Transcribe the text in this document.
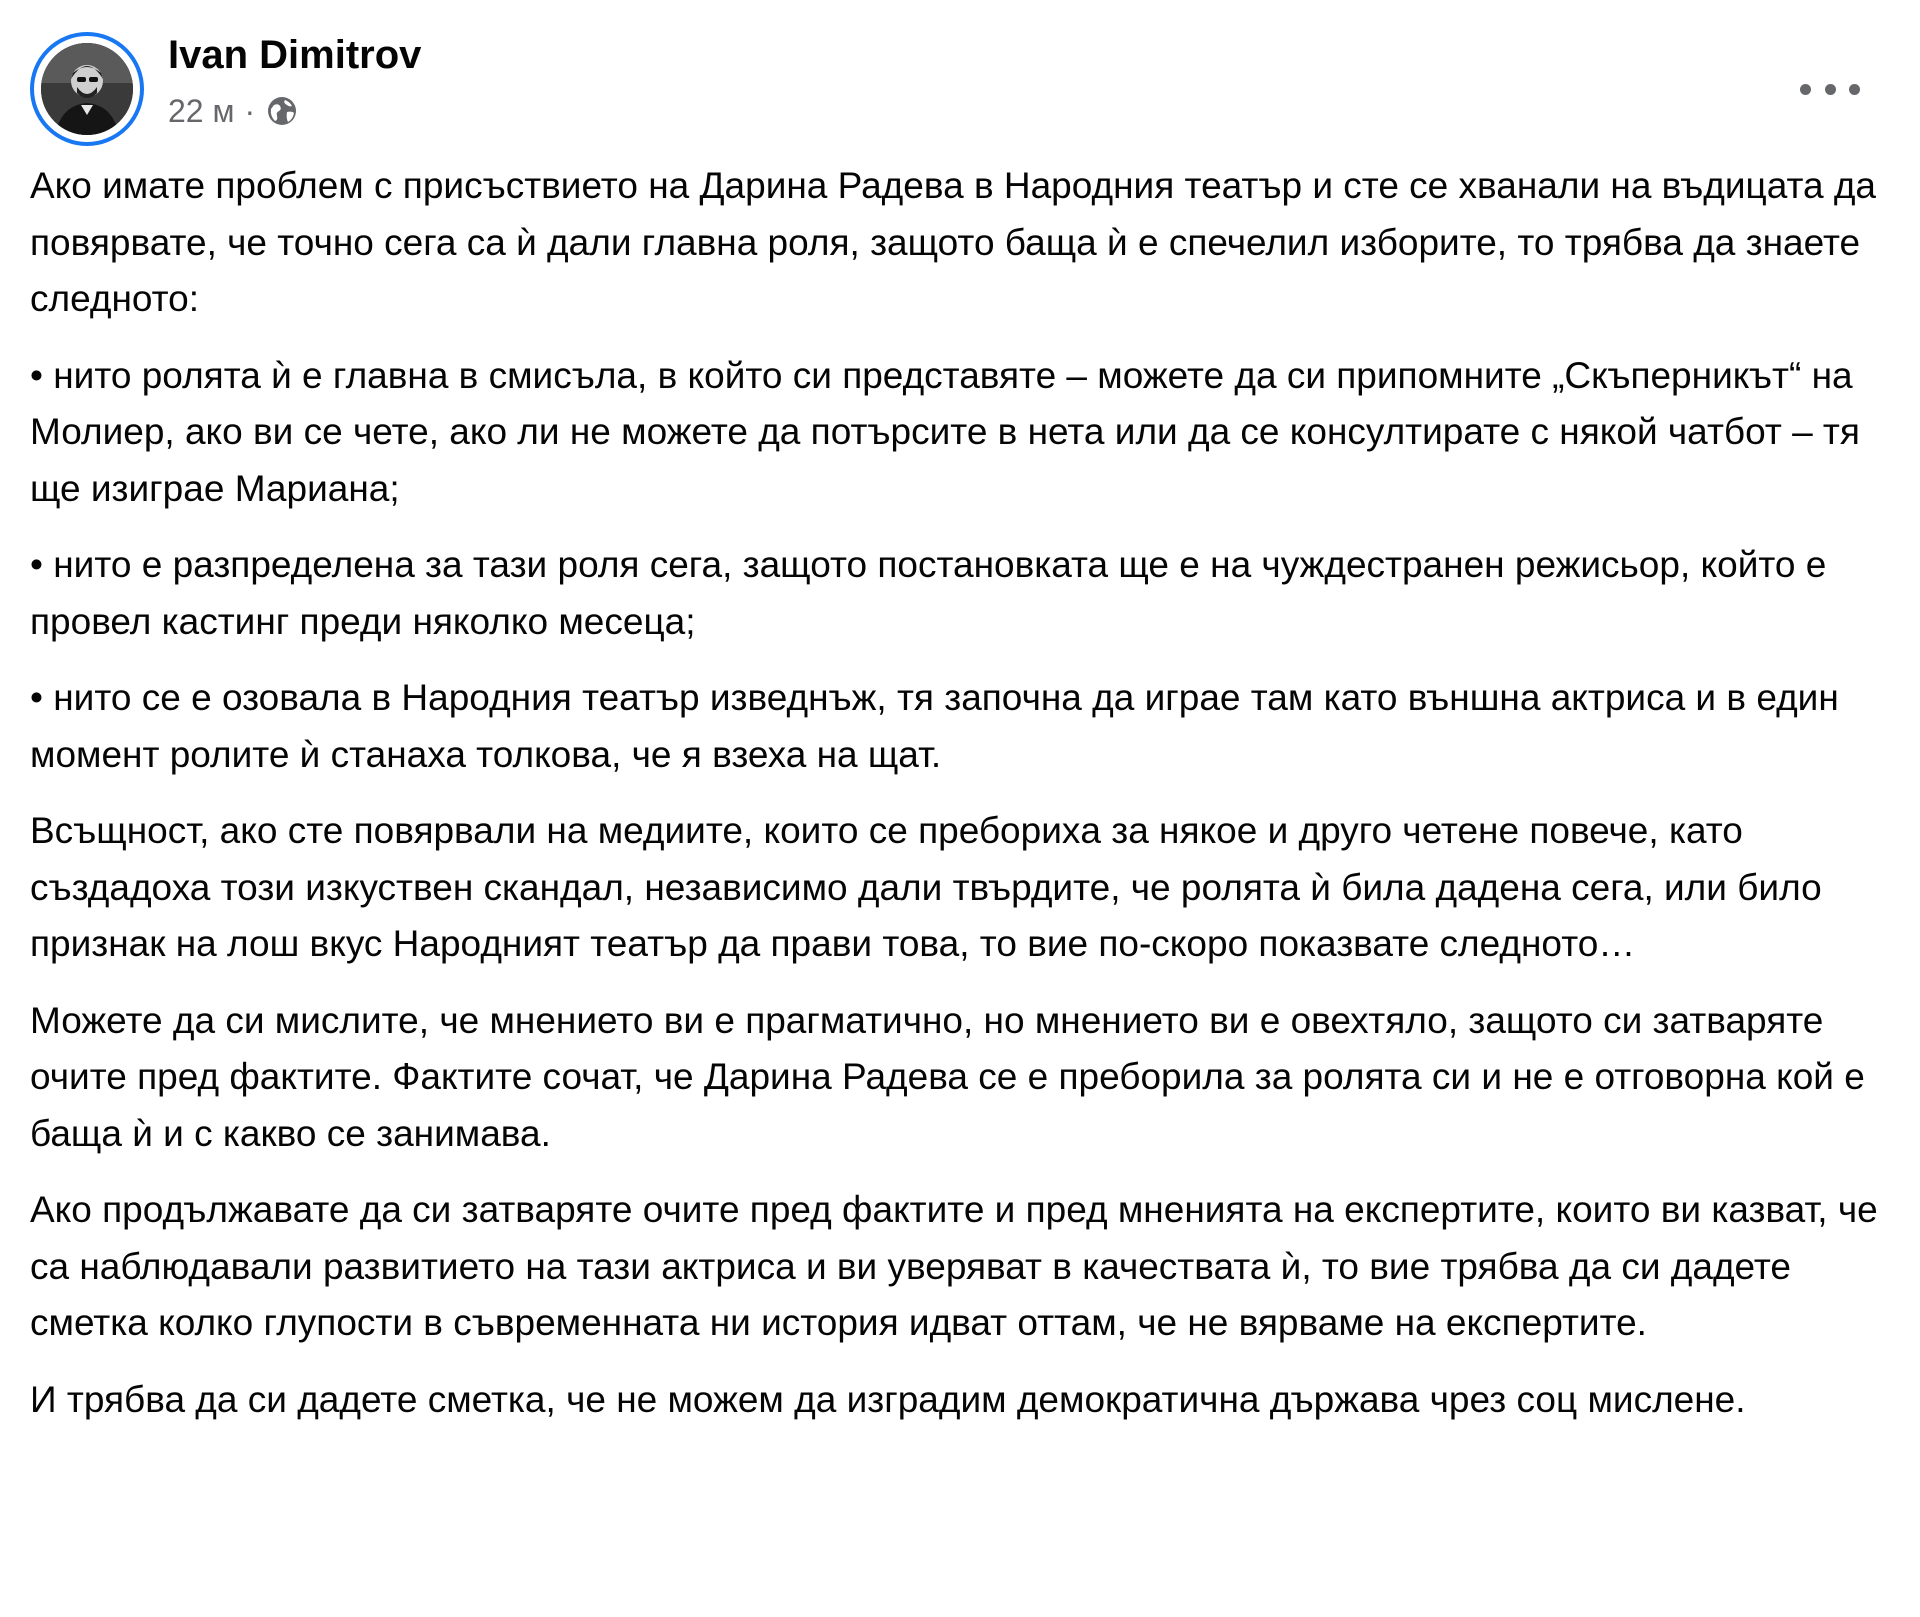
Ivan Dimitrov
22 м ·

Ако имате проблем с присъствието на Дарина Радева в Народния театър и сте се хванали на въдицата да повярвате, че точно сега са ѝ дали главна роля, защото баща ѝ е спечелил изборите, то трябва да знаете следното:

• нито ролята ѝ е главна в смисъла, в който си представяте – можете да си припомните „Скъперникът“ на Молиер, ако ви се чете, ако ли не можете да потърсите в нета или да се консултирате с някой чатбот – тя ще изиграе Мариана;

• нито е разпределена за тази роля сега, защото постановката ще е на чуждестранен режисьор, който е провел кастинг преди няколко месеца;

• нито се е озовала в Народния театър изведнъж, тя започна да играе там като външна актриса и в един момент ролите ѝ станаха толкова, че я взеха на щат.

Всъщност, ако сте повярвали на медиите, които се преборихa за някое и друго четене повече, като създадоха този изкуствен скандал, независимо дали твърдите, че ролята ѝ била дадена сега, или било признак на лош вкус Народният театър да прави това, то вие по-скоро показвате следното…

Можете да си мислите, че мнението ви е прагматично, но мнението ви е овехтяло, защото си затваряте очите пред фактите. Фактите сочат, че Дарина Радева се е преборила за ролята си и не е отговорна кой е баща ѝ и с какво се занимава.

Ако продължавате да си затваряте очите пред фактите и пред мненията на експертите, които ви казват, че са наблюдавали развитието на тази актриса и ви уверяват в качествата ѝ, то вие трябва да си дадете сметка колко глупости в съвременната ни история идват оттам, че не вярваме на експертите.

И трябва да си дадете сметка, че не можем да изградим демократична държава чрез соц мислене.
